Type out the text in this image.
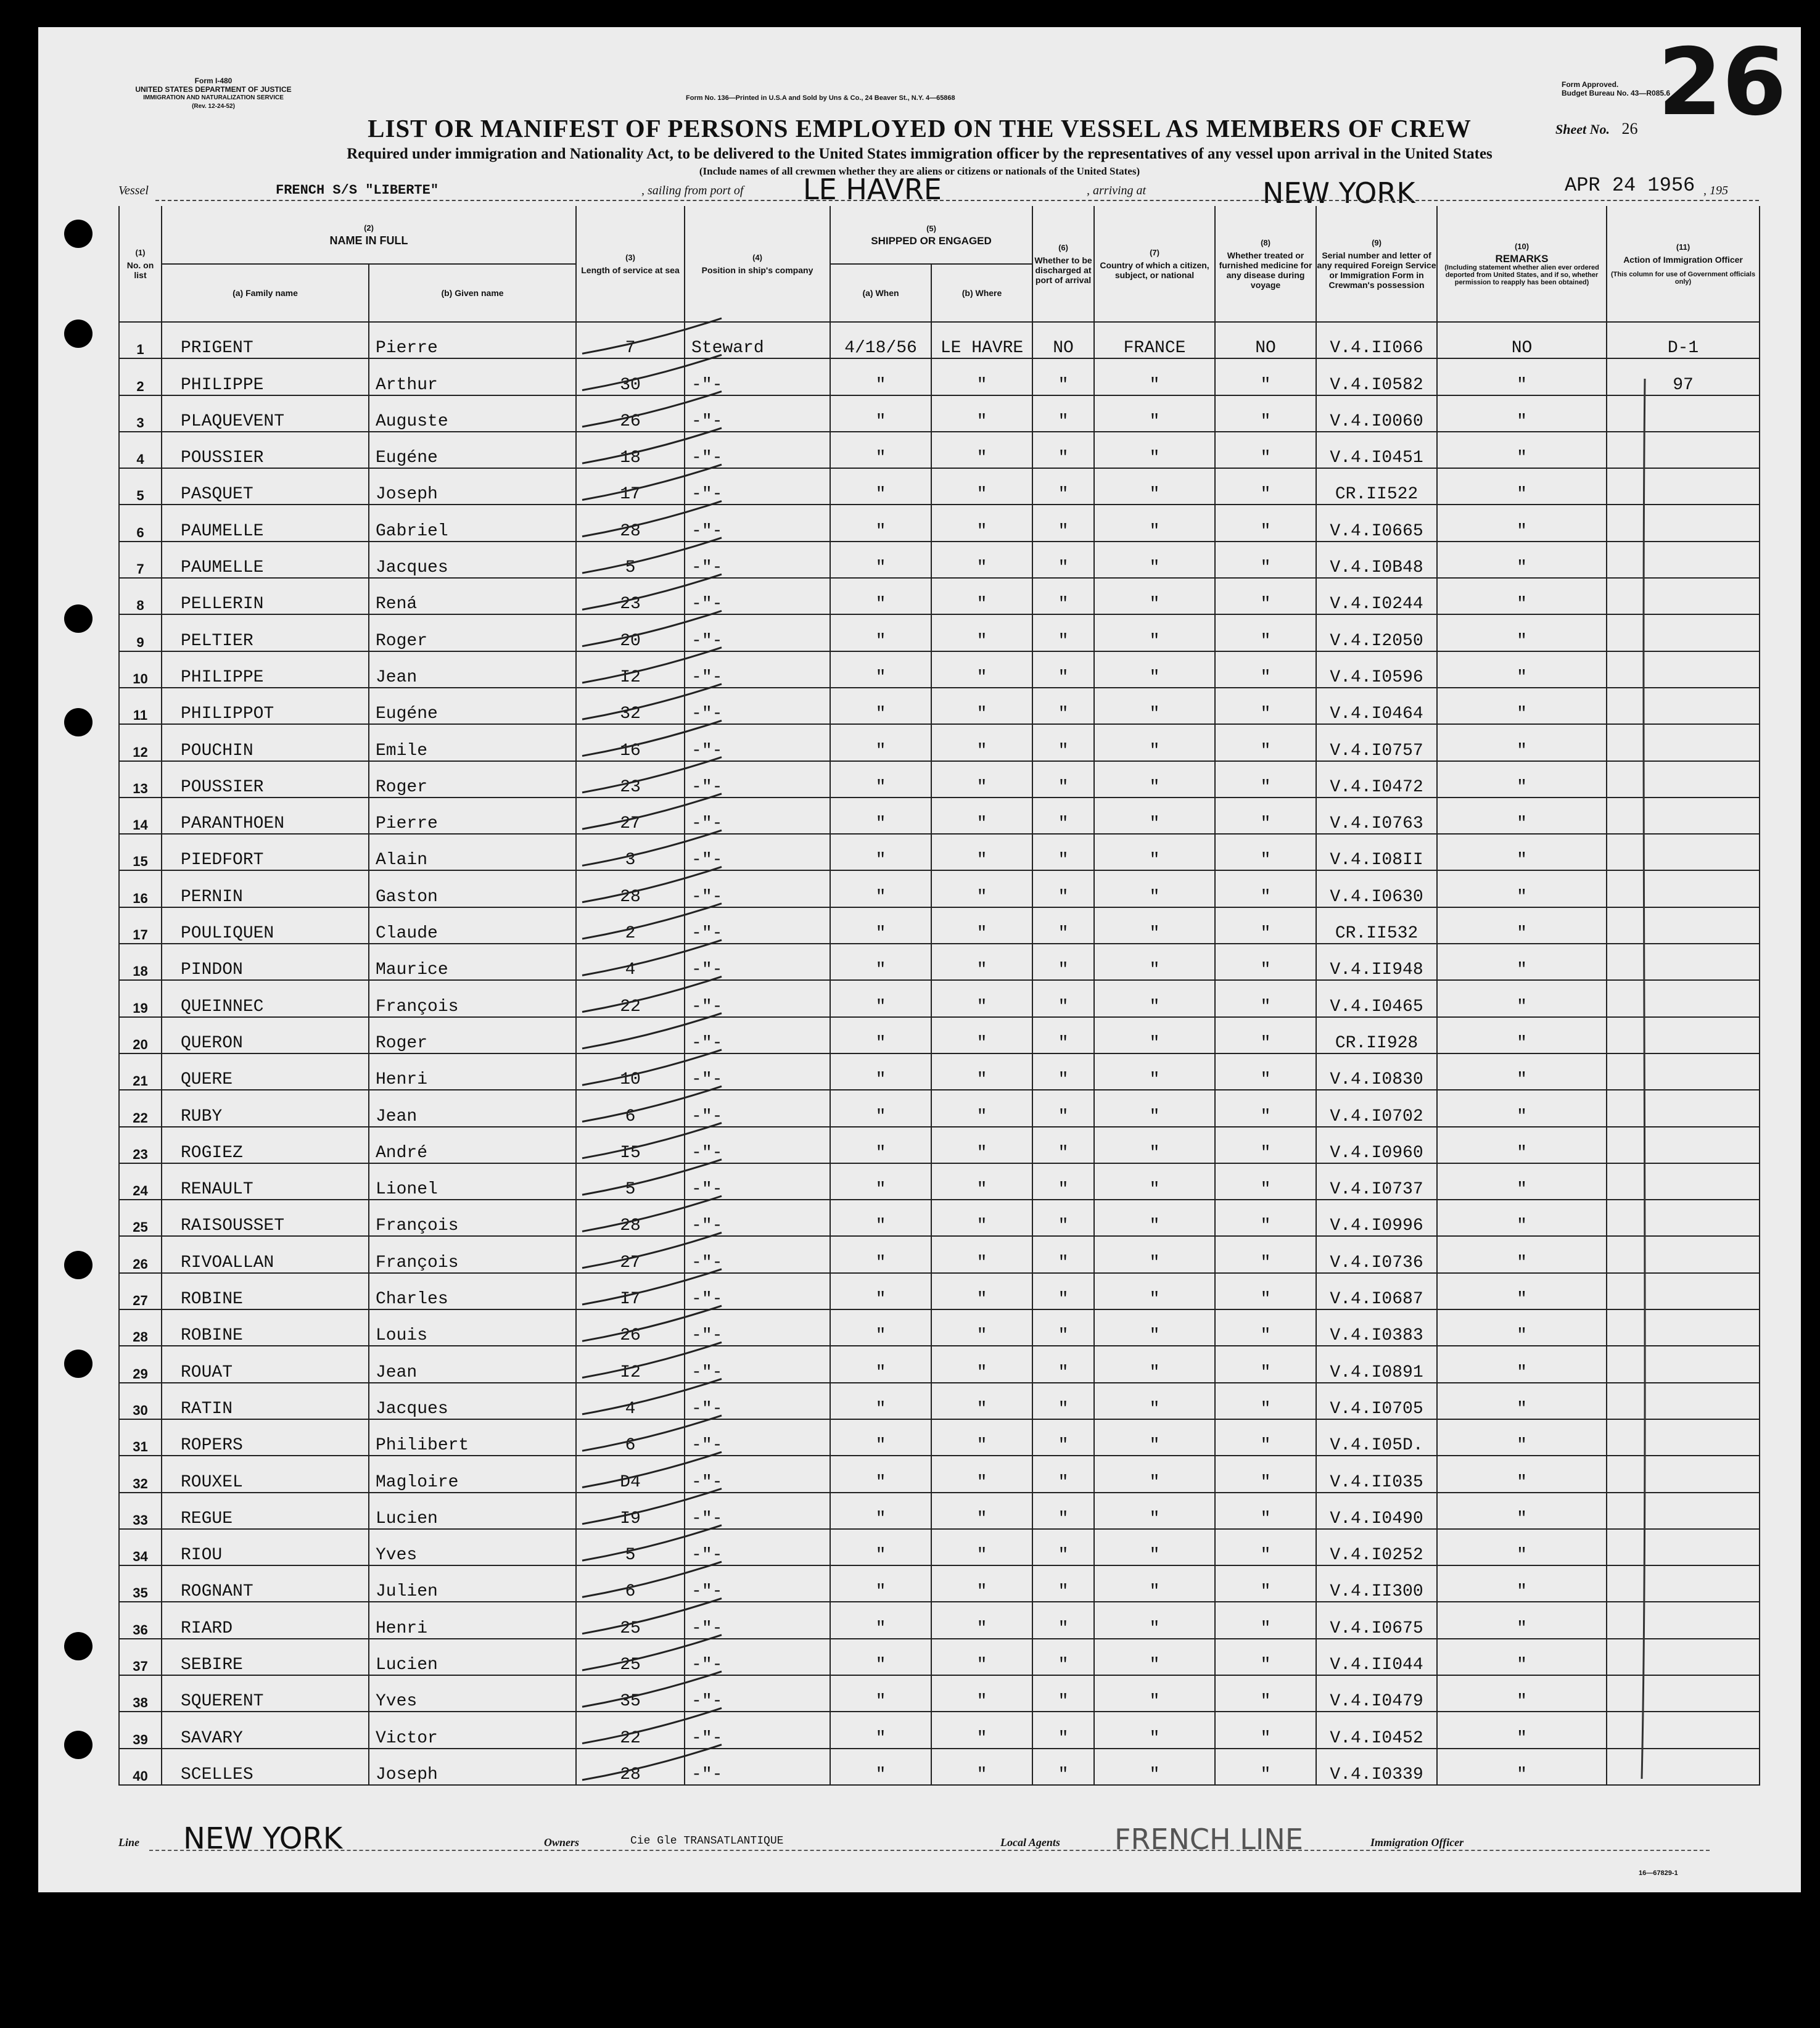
Form I-480
UNITED STATES DEPARTMENT OF JUSTICE
IMMIGRATION AND NATURALIZATION SERVICE
(Rev. 12-24-52)
Form No. 136—Printed in U.S.A and Sold by Uns & Co., 24 Beaver St., N.Y. 4—65868
Form Approved.
Budget Bureau No. 43—R085.6
26
LIST OR MANIFEST OF PERSONS EMPLOYED ON THE VESSEL AS MEMBERS OF CREW	Sheet No. 26
Required under immigration and Nationality Act, to be delivered to the United States immigration officer by the representatives of any vessel upon arrival in the United States
(Include names of all crewmen whether they are aliens or citizens or nationals of the United States)
Vessel	FRENCH S/S "LIBERTE"	, sailing from port of LE HAVRE	, arriving at	NEW YORK	APR 24 1956 , 195
(1)
No. on list	(2)
NAME IN FULL		(3)
Length of service at sea	(4)
Position in ship's company	(5)
SHIPPED OR ENGAGED		(6)
Whether to be discharged at port of arrival	(7)
Country of which a citizen, subject, or national	(8)
Whether treated or furnished medicine for any disease during voyage	(9)
Serial number and letter of any required Foreign Service or Immigration Form in Crewman's possession	(10)
REMARKS
(Including statement whether alien ever ordered deported from United States, and if so, whether permission to reapply has been obtained)	(11)
Action of Immigration Officer
(This column for use of Government officials only)

	(a) Family name	(b) Given name			(a) When	(b) Where						
1	PRIGENT	Pierre	7	Steward	4/18/56	LE HAVRE	NO	FRANCE	NO	V.4.II066	NO	D-1
2	PHILIPPE	Arthur	30	-"-	"	"	"	"	"	V.4.I0582	"	97
3	PLAQUEVENT	Auguste	26	-"-	"	"	"	"	"	V.4.I0060	"	
4	POUSSIER	Eugéne	18	-"-	"	"	"	"	"	V.4.I0451	"	
5	PASQUET	Joseph	17	-"-	"	"	"	"	"	CR.II522	"	
6	PAUMELLE	Gabriel	28	-"-	"	"	"	"	"	V.4.I0665	"	
7	PAUMELLE	Jacques	5	-"-	"	"	"	"	"	V.4.I0B48	"	
8	PELLERIN	Rená	23	-"-	"	"	"	"	"	V.4.I0244	"	
9	PELTIER	Roger	20	-"-	"	"	"	"	"	V.4.I2050	"	
10	PHILIPPE	Jean	I2	-"-	"	"	"	"	"	V.4.I0596	"	
11	PHILIPPOT	Eugéne	32	-"-	"	"	"	"	"	V.4.I0464	"	
12	POUCHIN	Emile	16	-"-	"	"	"	"	"	V.4.I0757	"	
13	POUSSIER	Roger	23	-"-	"	"	"	"	"	V.4.I0472	"	
14	PARANTHOEN	Pierre	27	-"-	"	"	"	"	"	V.4.I0763	"	
15	PIEDFORT	Alain	3	-"-	"	"	"	"	"	V.4.I08II	"	
16	PERNIN	Gaston	28	-"-	"	"	"	"	"	V.4.I0630	"	
17	POULIQUEN	Claude	2	-"-	"	"	"	"	"	CR.II532	"	
18	PINDON	Maurice	4	-"-	"	"	"	"	"	V.4.II948	"	
19	QUEINNEC	François	22	-"-	"	"	"	"	"	V.4.I0465	"	
20	QUERON	Roger		-"-	"	"	"	"	"	CR.II928	"	
21	QUERE	Henri	10	-"-	"	"	"	"	"	V.4.I0830	"	
22	RUBY	Jean	6	-"-	"	"	"	"	"	V.4.I0702	"	
23	ROGIEZ	André	I5	-"-	"	"	"	"	"	V.4.I0960	"	
24	RENAULT	Lionel	5	-"-	"	"	"	"	"	V.4.I0737	"	
25	RAISOUSSET	François	28	-"-	"	"	"	"	"	V.4.I0996	"	
26	RIVOALLAN	François	27	-"-	"	"	"	"	"	V.4.I0736	"	
27	ROBINE	Charles	I7	-"-	"	"	"	"	"	V.4.I0687	"	
28	ROBINE	Louis	26	-"-	"	"	"	"	"	V.4.I0383	"	
29	ROUAT	Jean	I2	-"-	"	"	"	"	"	V.4.I0891	"	
30	RATIN	Jacques	4	-"-	"	"	"	"	"	V.4.I0705	"	
31	ROPERS	Philibert	6	-"-	"	"	"	"	"	V.4.I05D.	"	
32	ROUXEL	Magloire	D4	-"-	"	"	"	"	"	V.4.II035	"	
33	REGUE	Lucien	I9	-"-	"	"	"	"	"	V.4.I0490	"	
34	RIOU	Yves	5	-"-	"	"	"	"	"	V.4.I0252	"	
35	ROGNANT	Julien	6	-"-	"	"	"	"	"	V.4.II300	"	
36	RIARD	Henri	25	-"-	"	"	"	"	"	V.4.I0675	"	
37	SEBIRE	Lucien	25	-"-	"	"	"	"	"	V.4.II044	"	
38	SQUERENT	Yves	35	-"-	"	"	"	"	"	V.4.I0479	"	
39	SAVARY	Victor	22	-"-	"	"	"	"	"	V.4.I0452	"	
40	SCELLES	Joseph	28	-"-	"	"	"	"	"	V.4.I0339	"	
Line NEW YORK	Owners	Cie Gle TRANSATLANTIQUE	Local Agents FRENCH LINE	Immigration Officer
16—67829-1
